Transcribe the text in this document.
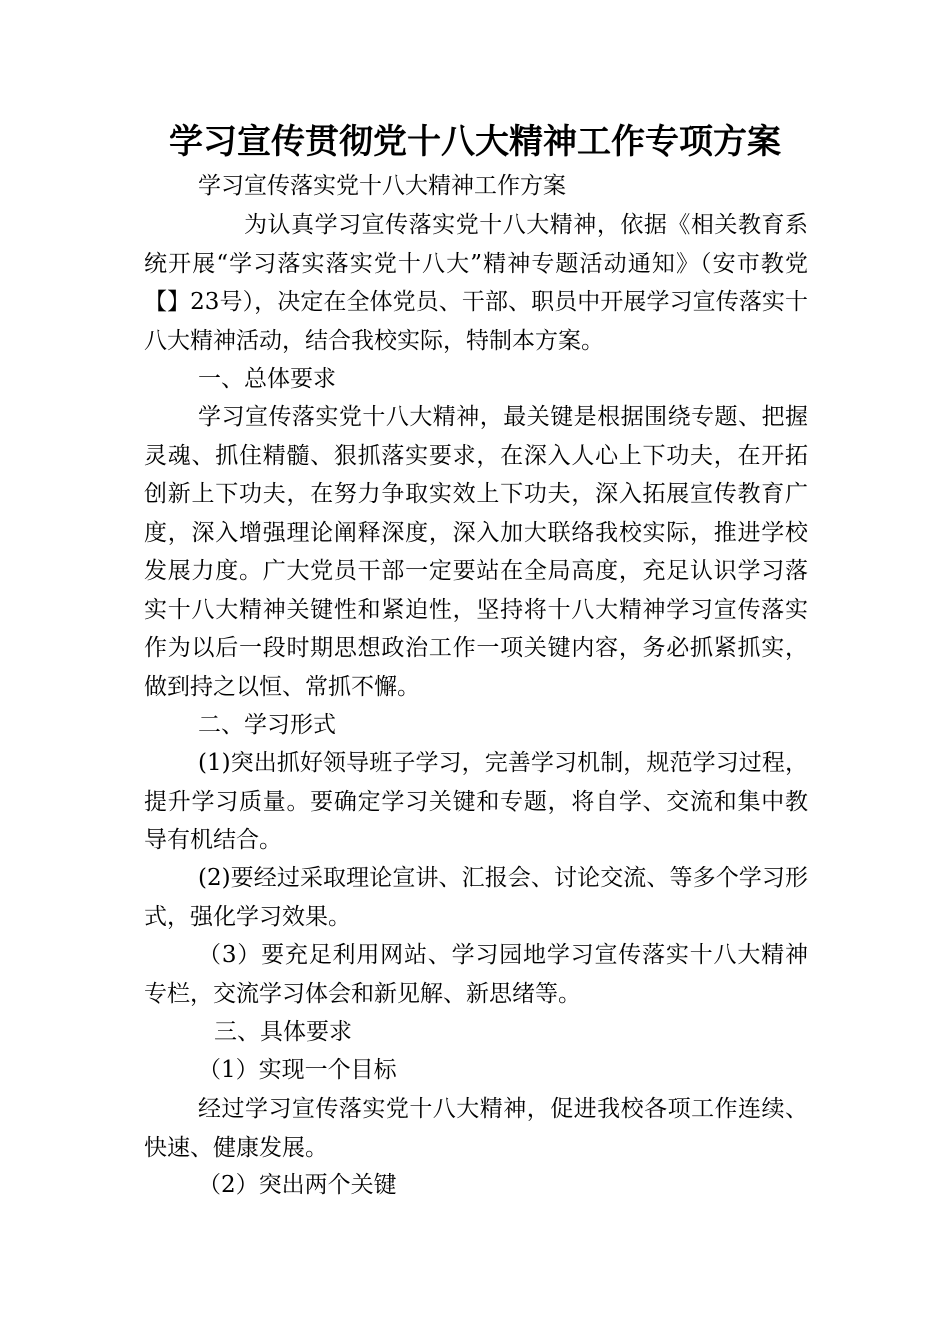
学习宣传贯彻党十八大精神工作专项方案
学习宣传落实党十八大精神工作方案
为认真学习宣传落实党十八大精神，依据《相关教育系统开展“学习落实落实党十八大”精神专题活动通知》（安市教党【】23号），决定在全体党员、干部、职员中开展学习宣传落实十八大精神活动，结合我校实际，特制本方案。
一、总体要求
学习宣传落实党十八大精神，最关键是根据围绕专题、把握灵魂、抓住精髓、狠抓落实要求，在深入人心上下功夫，在开拓创新上下功夫，在努力争取实效上下功夫，深入拓展宣传教育广度，深入增强理论阐释深度，深入加大联络我校实际，推进学校发展力度。广大党员干部一定要站在全局高度，充足认识学习落实十八大精神关键性和紧迫性，坚持将十八大精神学习宣传落实作为以后一段时期思想政治工作一项关键内容，务必抓紧抓实，做到持之以恒、常抓不懈。
二、学习形式
(1)突出抓好领导班子学习，完善学习机制，规范学习过程，提升学习质量。要确定学习关键和专题，将自学、交流和集中教导有机结合。
(2)要经过采取理论宣讲、汇报会、讨论交流、等多个学习形式，强化学习效果。
（3）要充足利用网站、学习园地学习宣传落实十八大精神专栏，交流学习体会和新见解、新思绪等。
三、具体要求
（1）实现一个目标
经过学习宣传落实党十八大精神，促进我校各项工作连续、快速、健康发展。
（2）突出两个关键
